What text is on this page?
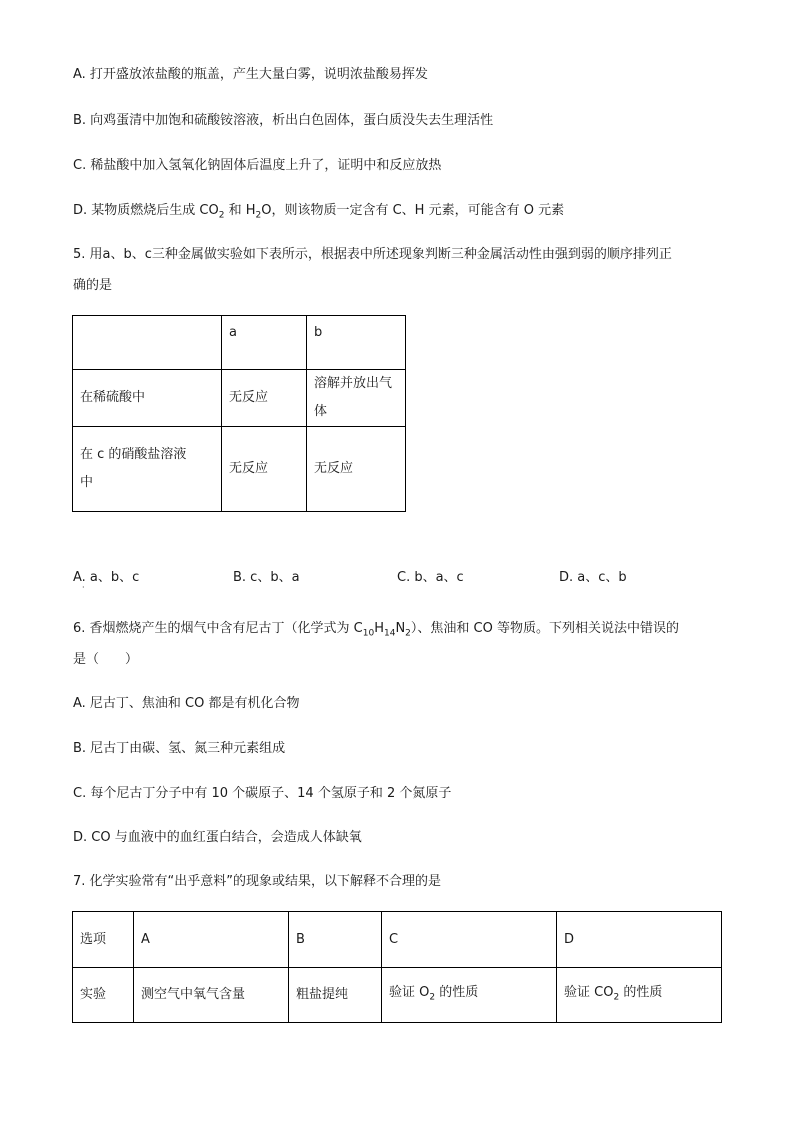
A. 打开盛放浓盐酸的瓶盖，产生大量白雾，说明浓盐酸易挥发
B. 向鸡蛋清中加饱和硫酸铵溶液，析出白色固体，蛋白质没失去生理活性
C. 稀盐酸中加入氢氧化钠固体后温度上升了，证明中和反应放热
D. 某物质燃烧后生成 $CO_2$ 和 $H_2O$，则该物质一定含有 C、H 元素，可能含有 O 元素
5. 用a、b、c三种金属做实验如下表所示，根据表中所述现象判断三种金属活动性由强到弱的顺序排列正
确的是
	a	b
在稀硫酸中	无反应	溶解并放出气体

在 c 的硝酸盐溶液
中	无反应	无反应
A. a、b、c	B. c、b、a	C. b、a、c	D. a、c、b
·
6. 香烟燃烧产生的烟气中含有尼古丁（化学式为 $C_{10}H_{14}N_2$）、焦油和 CO 等物质。下列相关说法中错误的
是（　　）
A. 尼古丁、焦油和 CO 都是有机化合物
B. 尼古丁由碳、氢、氮三种元素组成
C. 每个尼古丁分子中有 10 个碳原子、14 个氢原子和 2 个氮原子
D. CO 与血液中的血红蛋白结合，会造成人体缺氧
7. 化学实验常有“出乎意料”的现象或结果，以下解释不合理的是
选项	A	B	C	D
实验	测空气中氧气含量	粗盐提纯	验证 $O_2$ 的性质	验证 $CO_2$ 的性质
